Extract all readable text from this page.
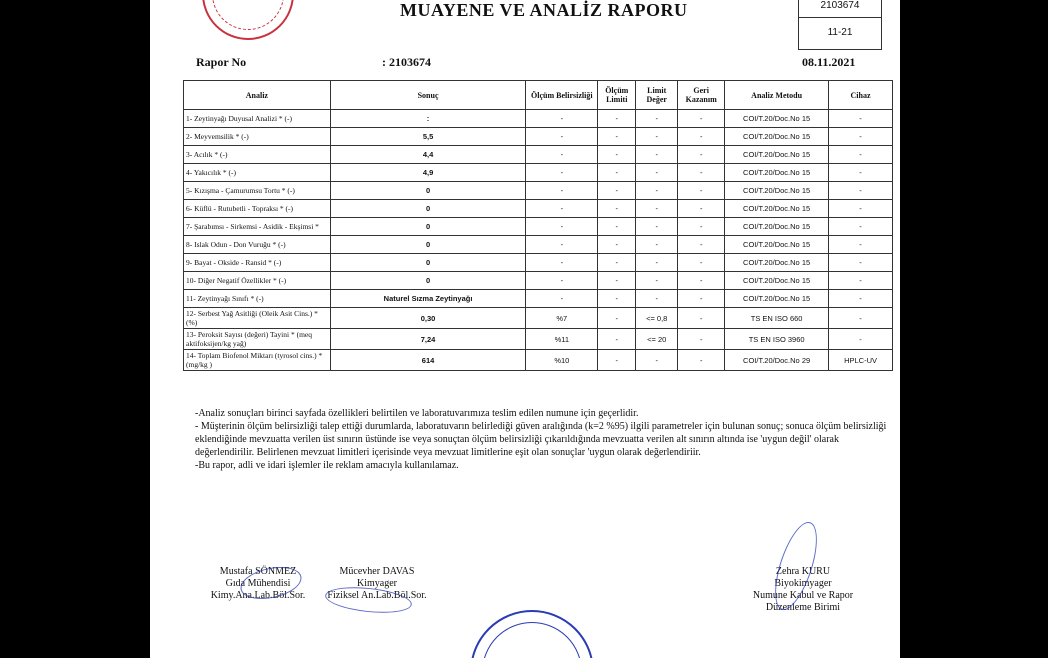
MUAYENE VE ANALİZ RAPORU	2103674
11-21
Rapor No	: 2103674	08.11.2021
Analiz	Sonuç	Ölçüm Belirsizliği	Ölçüm Limiti	Limit Değer	Geri Kazanım	Analiz Metodu	Cihaz
1- Zeytinyağı Duyusal Analizi * (-)	:	-	-	-	-	COI/T.20/Doc.No 15	-
2- Meyvemsilik * (-)	5,5	-	-	-	-	COI/T.20/Doc.No 15	-
3- Acılık * (-)	4,4	-	-	-	-	COI/T.20/Doc.No 15	-
4- Yakıcılık * (-)	4,9	-	-	-	-	COI/T.20/Doc.No 15	-
5- Kızışma - Çamurumsu Tortu * (-)	0	-	-	-	-	COI/T.20/Doc.No 15	-
6- Küflü - Rutubetli - Topraksı * (-)	0	-	-	-	-	COI/T.20/Doc.No 15	-
7- Şarabımsı - Sirkemsi - Asidik - Ekşimsi *	0	-	-	-	-	COI/T.20/Doc.No 15	-
8- Islak Odun - Don Vuruğu * (-)	0	-	-	-	-	COI/T.20/Doc.No 15	-
9- Bayat - Okside - Ransid * (-)	0	-	-	-	-	COI/T.20/Doc.No 15	-
10- Diğer Negatif Özellikler * (-)	0	-	-	-	-	COI/T.20/Doc.No 15	-
11- Zeytinyağı Sınıfı * (-)	Naturel Sızma Zeytinyağı	-	-	-	-	COI/T.20/Doc.No 15	-
12- Serbest Yağ Asitliği (Oleik Asit Cins.) * (%)	0,30	%7	-	<= 0,8	-	TS EN ISO 660	-
13- Peroksit Sayısı (değeri) Tayini * (meq aktifoksijen/kg yağ)	7,24	%11	-	<= 20	-	TS EN ISO 3960	-
14- Toplam Biofenol Miktarı (tyrosol cins.) * (mg/kg )	614	%10	-	-	-	COI/T.20/Doc.No 29	HPLC-UV

-Analiz sonuçları birinci sayfada özellikleri belirtilen ve laboratuvarımıza teslim edilen numune için geçerlidir.

- Müşterinin ölçüm belirsizliği talep ettiği durumlarda, laboratuvarın belirlediği güven aralığında (k=2 %95) ilgili parametreler için bulunan sonuç; sonuca ölçüm belirsizliği eklendiğinde mevzuatta verilen üst sınırın üstünde ise veya sonuçtan ölçüm belirsizliği çıkarıldığında mevzuatta verilen alt sınırın altında ise 'uygun değil' olarak değerlendirilir. Belirlenen mevzuat limitleri içerisinde veya mevzuat limitlerine eşit olan sonuçlar 'uygun olarak değerlendiriir.

-Bu rapor, adli ve idari işlemler ile reklam amacıyla kullanılamaz.

Mustafa SÖNMEZ
Gıda Mühendisi
Kimy.Ana.Lab.Böl.Sor.
Mücevher DAVAS
Kimyager
Fiziksel An.Lab.Böl.Sor.
Zehra KURU
Biyokimyager
Numune Kabul ve Rapor
Düzenleme Birimi
